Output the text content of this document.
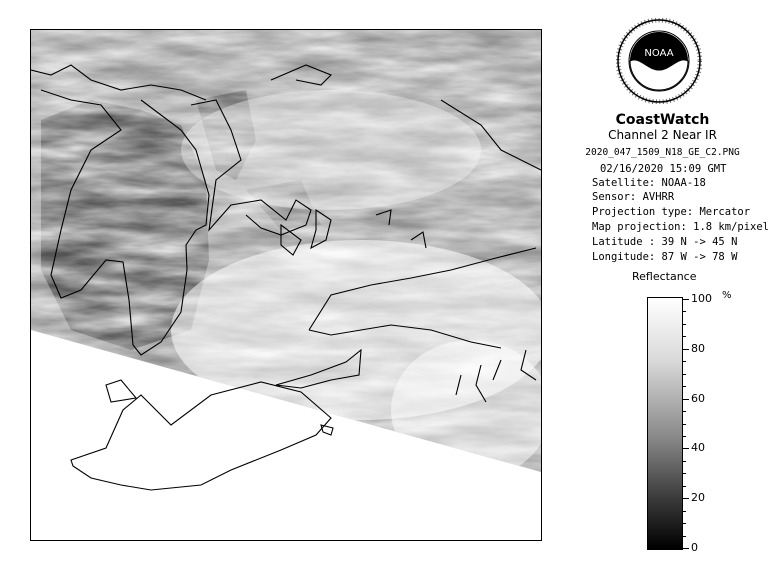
NOAA
CoastWatch
Channel 2 Near IR
2020_047_1509_N18_GE_C2.PNG
02/16/2020 15:09 GMT
Satellite: NOAA-18
Sensor: AVHRR
Projection type: Mercator
Map projection: 1.8 km/pixel
Latitude : 39 N -> 45 N
Longitude: 87 W -> 78 W
Reflectance
%
100
80
60
40
20
0
